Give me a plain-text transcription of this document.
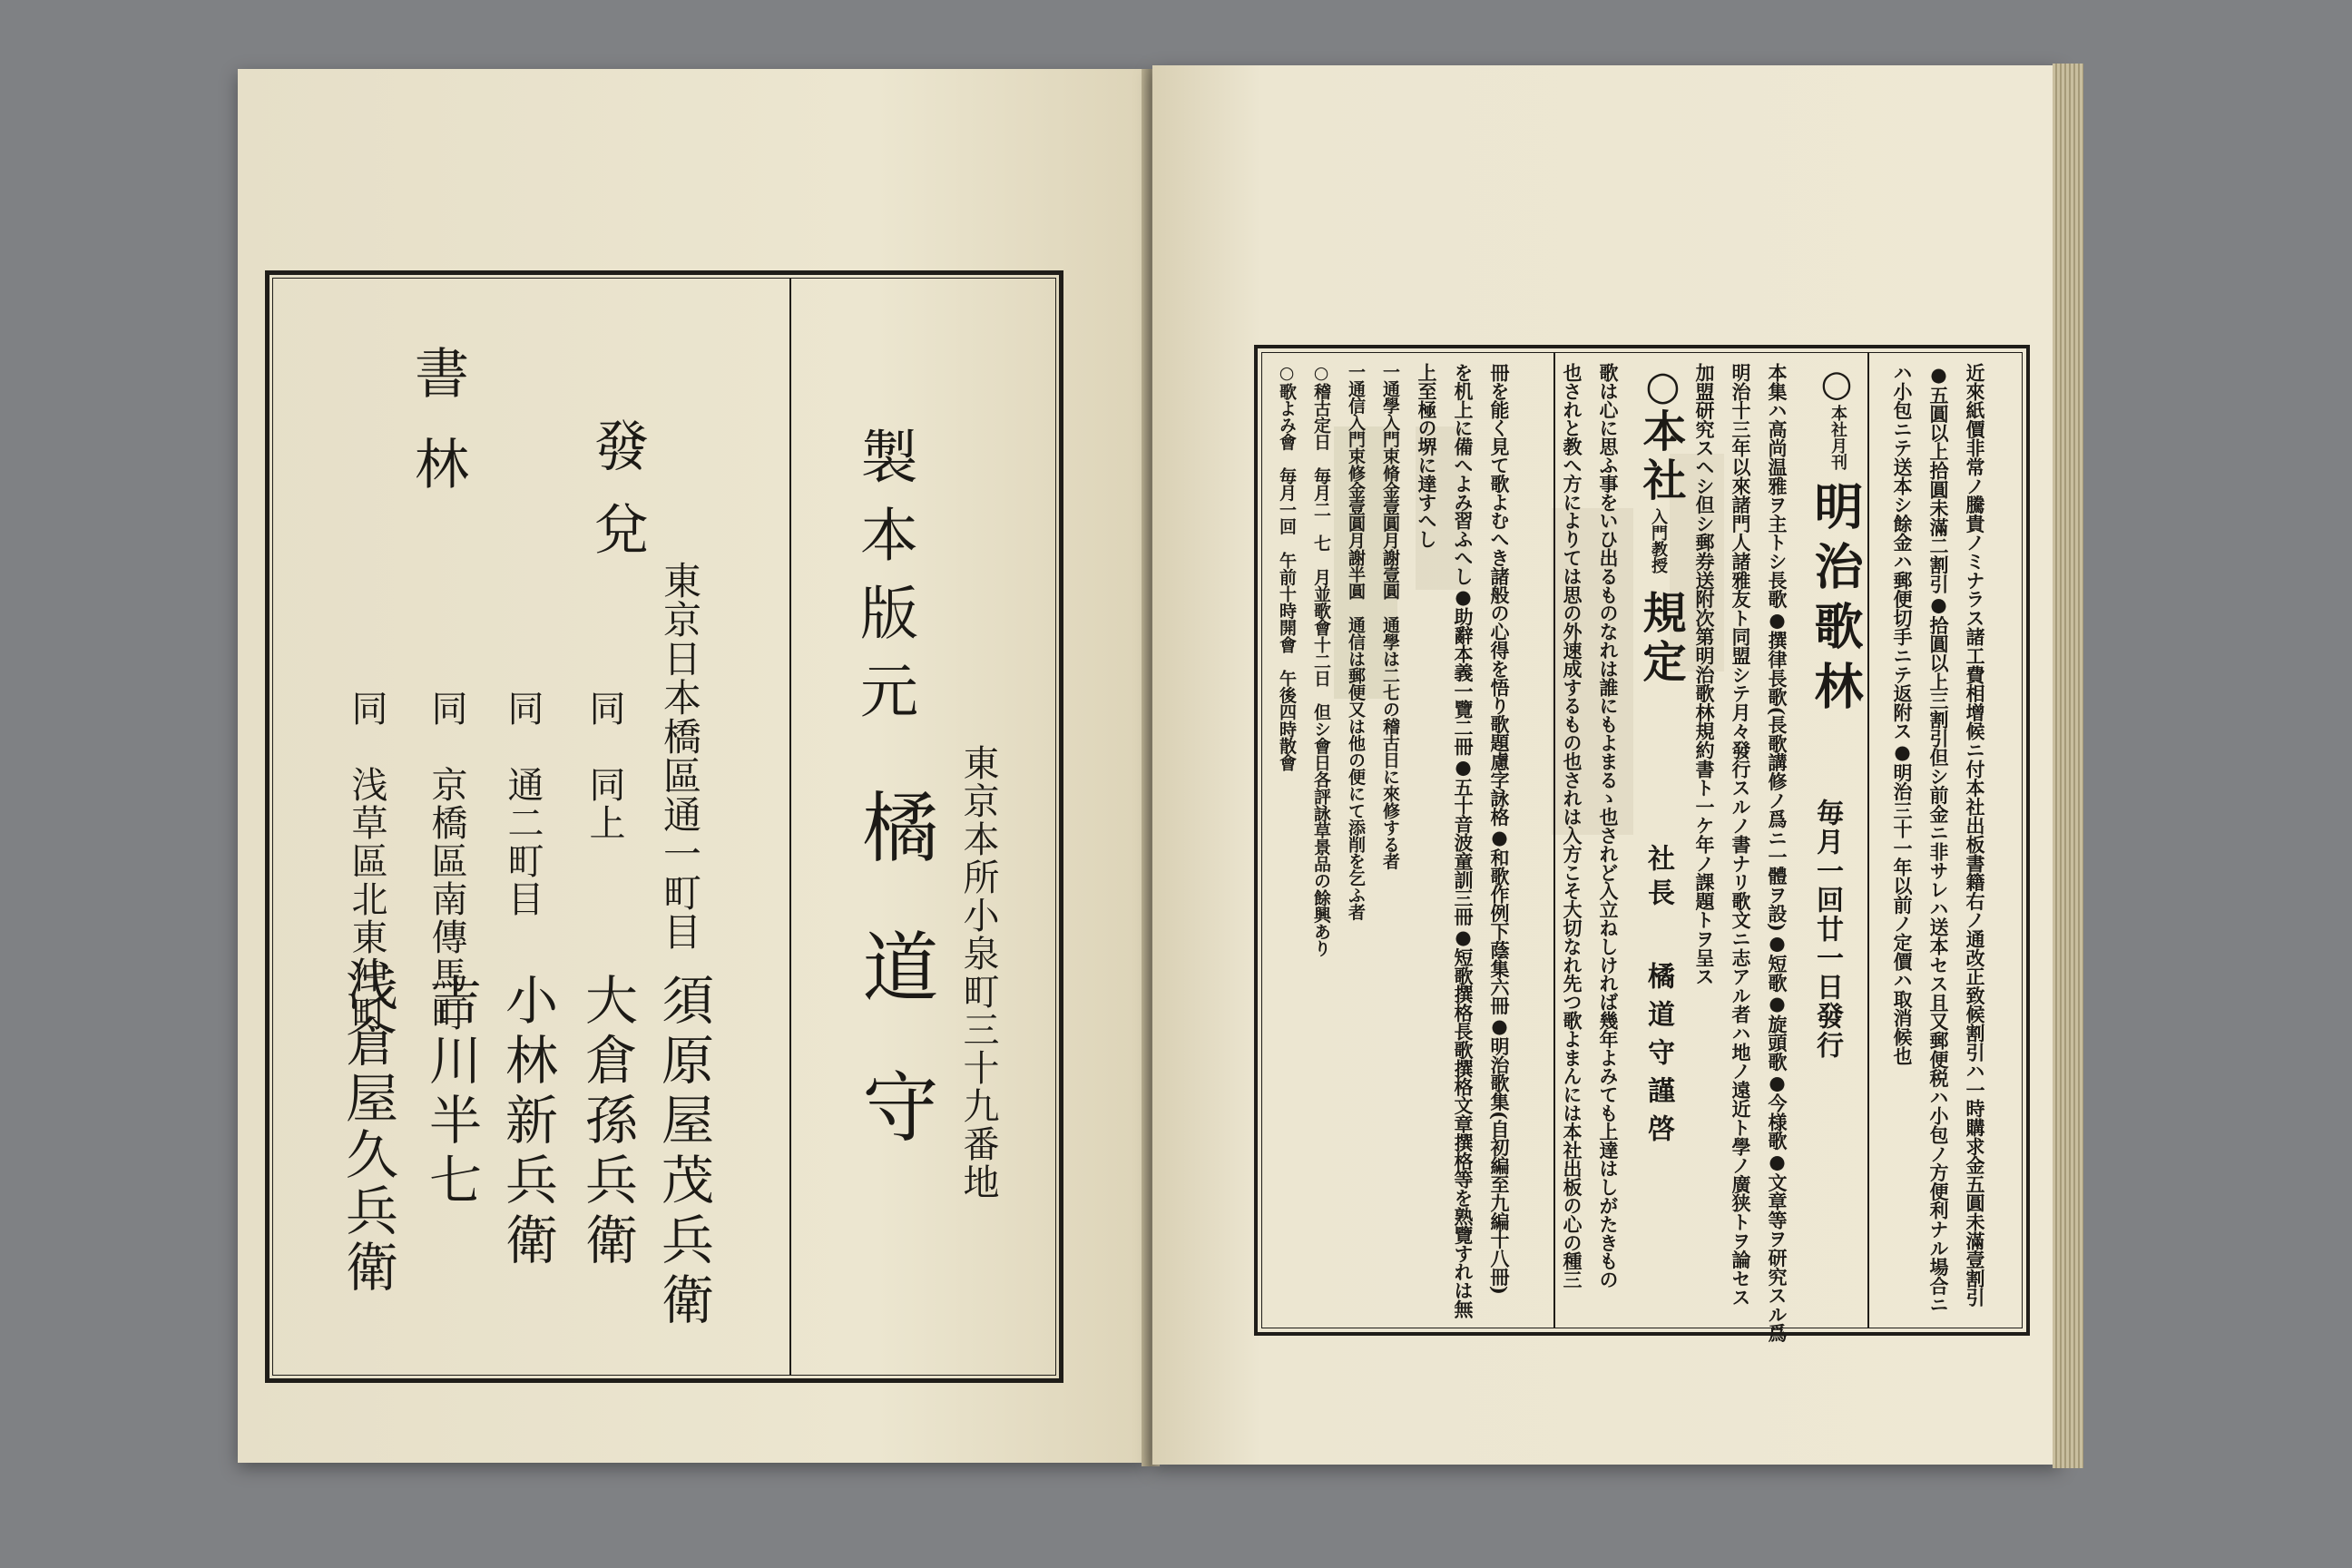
製本版元
東京本所小泉町三十九番地
橘道守
發兌
書林
東京日本橋區通一町目
須原屋茂兵衛
同　同上
大倉孫兵衛
同　通二町目
小林新兵衛
同　京橋區南傳馬町
吉川半七
同　浅草區北東仲町
浅倉屋久兵衛	近來紙價非常ノ騰貴ノミナラス諸工費相增候ニ付本社出板書籍右ノ通改正致候割引ハ一時購求金五圓未滿壹割引
●五圓以上拾圓未滿二割引●拾圓以上三割引但シ前金ニ非サレハ送本セス且又郵便税ハ小包ノ方便利ナル場合ニ
ハ小包ニテ送本シ餘金ハ郵便切手ニテ返附ス●明治三十一年以前ノ定價ハ取消候也
○
本社月刊
明治歌林
毎月一回廿一日發行
本集ハ高尚温雅ヲ主トシ長歌●撰律長歌(長歌講修ノ爲ニ一體ヲ設)●短歌●旋頭歌●今様歌●文章等ヲ研究スル爲
明治十三年以來諸門人諸雅友ト同盟シテ月々發行スルノ書ナリ歌文ニ志アル者ハ地ノ遠近ト學ノ廣狭トヲ論セス
加盟研究スヘシ但シ郵券送附次第明治歌林規約書ト一ケ年ノ課題トヲ呈ス
○
本社
入門教授
規定
社長
橘道守謹啓
歌は心に思ふ事をいひ出るものなれは誰にもよまるゝ也されど入立ねしければ幾年よみても上達はしがたきもの
也されと教へ方によりては思の外速成するもの也されは入方こそ大切なれ先つ歌よまんには本社出板の心の種三
冊を能く見て歌よむへき諸般の心得を悟り歌題慮字詠格●和歌作例下蔭集六冊●明治歌集(自初編至九編十八冊)
を机上に備へよみ習ふへし●助辭本義一覽二冊●五十音波童訓三冊●短歌撰格長歌撰格文章撰格等を熟覽すれは無
上至極の堺に達すへし
一通學入門束脩金壹圓月謝壹圓　通學は二七の稽古日に來修する者
一通信入門束修金壹圓月謝半圓　通信は郵便又は他の便にて添削を乞ふ者
○稽古定日　毎月二　七　月並歌會十二日　但シ會日各評詠草景品の餘興あり
○歌よみ會　毎月一回　午前十時開會　午後四時散會
